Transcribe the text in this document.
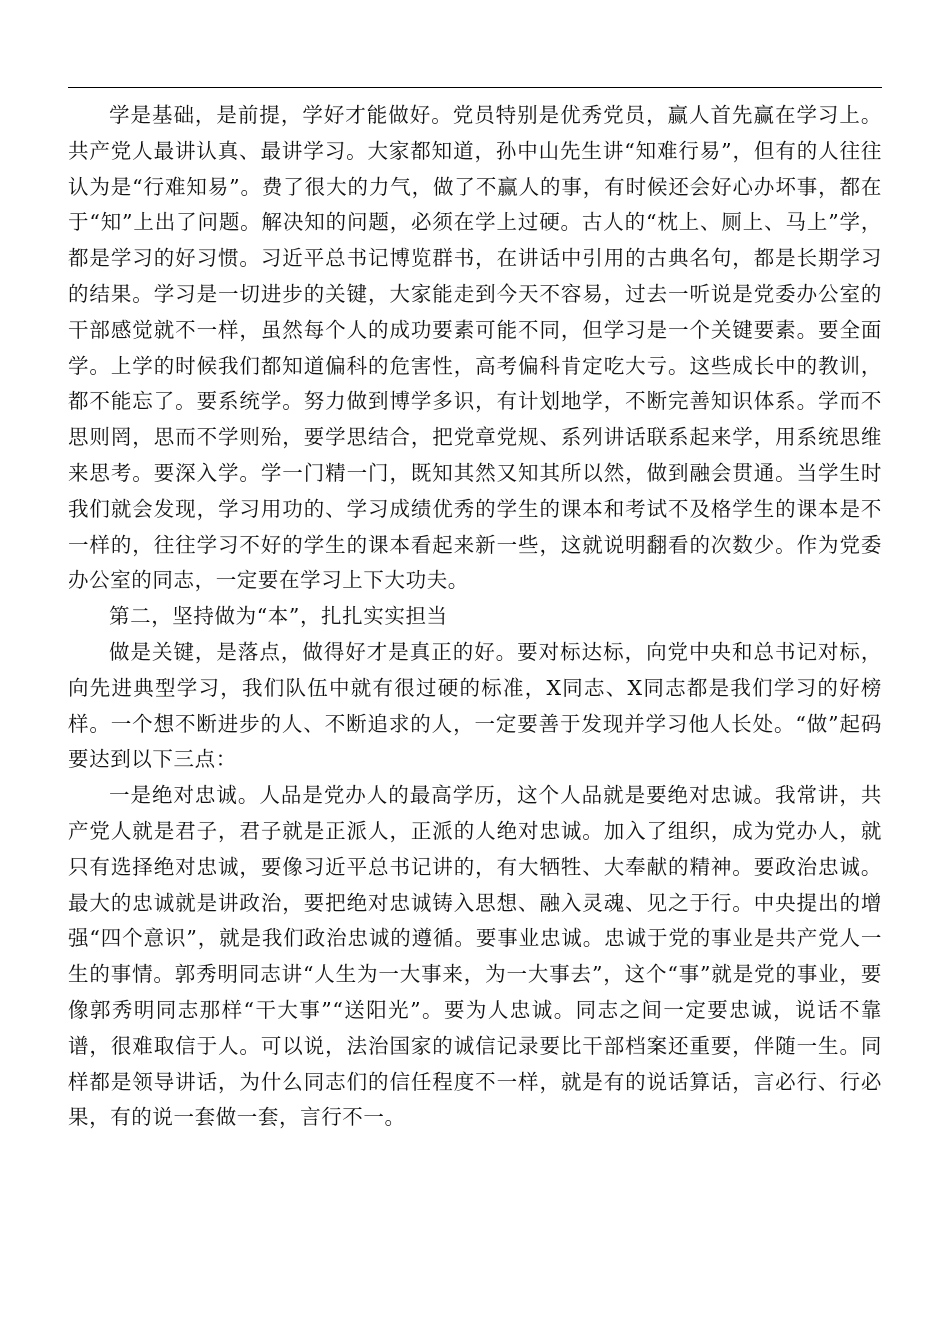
学是基础，是前提，学好才能做好。党员特别是优秀党员，赢人首先赢在学习上。共产党人最讲认真、最讲学习。大家都知道，孙中山先生讲“知难行易”，但有的人往往认为是“行难知易”。费了很大的力气，做了不赢人的事，有时候还会好心办坏事，都在于“知”上出了问题。解决知的问题，必须在学上过硬。古人的“枕上、厕上、马上”学，都是学习的好习惯。习近平总书记博览群书，在讲话中引用的古典名句，都是长期学习的结果。学习是一切进步的关键，大家能走到今天不容易，过去一听说是党委办公室的干部感觉就不一样，虽然每个人的成功要素可能不同，但学习是一个关键要素。要全面学。上学的时候我们都知道偏科的危害性，高考偏科肯定吃大亏。这些成长中的教训，都不能忘了。要系统学。努力做到博学多识，有计划地学，不断完善知识体系。学而不思则罔，思而不学则殆，要学思结合，把党章党规、系列讲话联系起来学，用系统思维来思考。要深入学。学一门精一门，既知其然又知其所以然，做到融会贯通。当学生时我们就会发现，学习用功的、学习成绩优秀的学生的课本和考试不及格学生的课本是不一样的，往往学习不好的学生的课本看起来新一些，这就说明翻看的次数少。作为党委办公室的同志，一定要在学习上下大功夫。

第二，坚持做为“本”，扎扎实实担当

做是关键，是落点，做得好才是真正的好。要对标达标，向党中央和总书记对标，向先进典型学习，我们队伍中就有很过硬的标准，X同志、X同志都是我们学习的好榜样。一个想不断进步的人、不断追求的人，一定要善于发现并学习他人长处。“做”起码要达到以下三点：

一是绝对忠诚。人品是党办人的最高学历，这个人品就是要绝对忠诚。我常讲，共产党人就是君子，君子就是正派人，正派的人绝对忠诚。加入了组织，成为党办人，就只有选择绝对忠诚，要像习近平总书记讲的，有大牺牲、大奉献的精神。要政治忠诚。最大的忠诚就是讲政治，要把绝对忠诚铸入思想、融入灵魂、见之于行。中央提出的增强“四个意识”，就是我们政治忠诚的遵循。要事业忠诚。忠诚于党的事业是共产党人一生的事情。郭秀明同志讲“人生为一大事来，为一大事去”，这个“事”就是党的事业，要像郭秀明同志那样“干大事”“送阳光”。要为人忠诚。同志之间一定要忠诚，说话不靠谱，很难取信于人。可以说，法治国家的诚信记录要比干部档案还重要，伴随一生。同样都是领导讲话，为什么同志们的信任程度不一样，就是有的说话算话，言必行、行必果，有的说一套做一套，言行不一。
